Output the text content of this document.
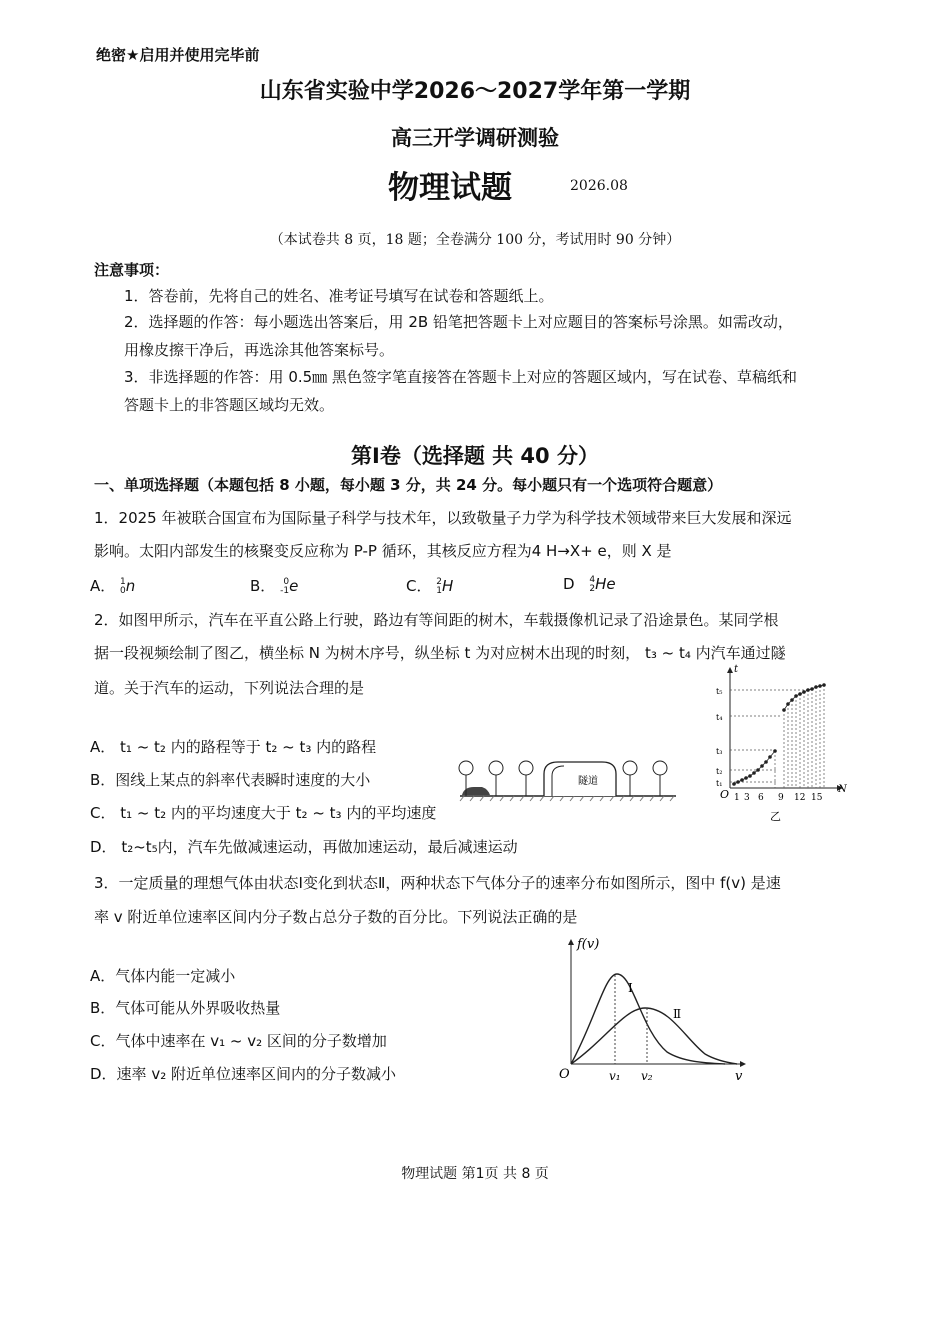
绝密★启用并使用完毕前
山东省实验中学2026～2027学年第一学期
高三开学调研测验
物理试题	2026.08
（本试卷共 8 页，18 题；全卷满分 100 分，考试用时 90 分钟）
注意事项：
1．答卷前，先将自己的姓名、准考证号填写在试卷和答题纸上。
2．选择题的作答：每小题选出答案后，用 2B 铅笔把答题卡上对应题目的答案标号涂黑。如需改动，
用橡皮擦干净后，再选涂其他答案标号。
3．非选择题的作答：用 0.5㎜ 黑色签字笔直接答在答题卡上对应的答题区域内，写在试卷、草稿纸和
答题卡上的非答题区域均无效。
第Ⅰ卷（选择题 共 40 分）
一、单项选择题（本题包括 8 小题，每小题 3 分，共 24 分。每小题只有一个选项符合题意）
1．2025 年被联合国宣布为国际量子科学与技术年，以致敬量子力学为科学技术领域带来巨大发展和深远
影响。太阳内部发生的核聚变反应称为 P-P 循环，其核反应方程为4 H→X+ e，则 X 是
A． 1
0n	B． 0
-1e	C． 2
1H	D 4
2He
2．如图甲所示，汽车在平直公路上行驶，路边有等间距的树木，车载摄像机记录了沿途景色。某同学根
据一段视频绘制了图乙，横坐标 N 为树木序号，纵坐标 t 为对应树木出现的时刻， t₃ ~ t₄ 内汽车通过隧
道。关于汽车的运动，下列说法合理的是
A． t₁ ~ t₂ 内的路程等于 t₂ ~ t₃ 内的路程
B．图线上某点的斜率代表瞬时速度的大小
C． t₁ ~ t₂ 内的平均速度大于 t₂ ~ t₃ 内的平均速度
D． t₂~t₅内，汽车先做减速运动，再做加速运动，最后减速运动
隧道
t
N
O
t₅
t₄
t₃
t₂
t₁
1 3 6 9 12 15
乙
3．一定质量的理想气体由状态Ⅰ变化到状态Ⅱ，两种状态下气体分子的速率分布如图所示，图中 f(v) 是速
率 v 附近单位速率区间内分子数占总分子数的百分比。下列说法正确的是
A．气体内能一定减小
B．气体可能从外界吸收热量
C．气体中速率在 v₁ ~ v₂ 区间的分子数增加
D．速率 v₂ 附近单位速率区间内的分子数减小
f(v)
Ⅰ
Ⅱ
O	v₁ v₂	v
物理试题 第1页 共 8 页
